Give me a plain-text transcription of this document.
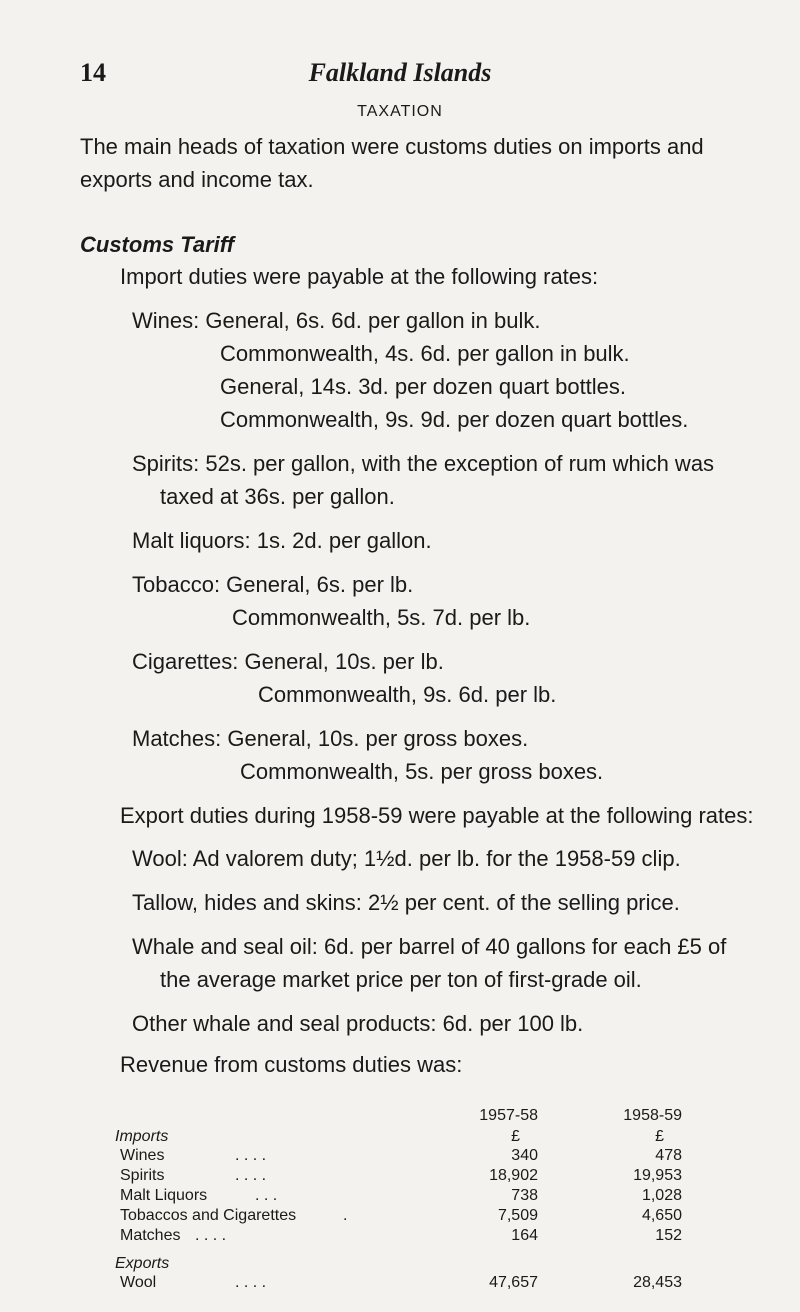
14	Falkland Islands
TAXATION
The main heads of taxation were customs duties on imports and exports and income tax.
Customs Tariff
Import duties were payable at the following rates:
Wines: General, 6s. 6d. per gallon in bulk.
Commonwealth, 4s. 6d. per gallon in bulk.
General, 14s. 3d. per dozen quart bottles.
Commonwealth, 9s. 9d. per dozen quart bottles.
Spirits: 52s. per gallon, with the exception of rum which was
taxed at 36s. per gallon.
Malt liquors: 1s. 2d. per gallon.
Tobacco: General, 6s. per lb.
Commonwealth, 5s. 7d. per lb.
Cigarettes: General, 10s. per lb.
Commonwealth, 9s. 6d. per lb.
Matches: General, 10s. per gross boxes.
Commonwealth, 5s. per gross boxes.
Export duties during 1958-59 were payable at the following rates:
Wool: Ad valorem duty; 1½d. per lb. for the 1958-59 clip.
Tallow, hides and skins: 2½ per cent. of the selling price.
Whale and seal oil: 6d. per barrel of 40 gallons for each £5 of
the average market price per ton of first-grade oil.
Other whale and seal products: 6d. per 100 lb.
Revenue from customs duties was:
1957-58	1958-59
Imports	£	£
Wines	. . . .	340	478
Spirits	. . . .	18,902	19,953
Malt Liquors	. . .	738	1,028
Tobaccos and Cigarettes	.	7,509	4,650
Matches . . . .	164	152
Exports
Wool	. . . .	47,657	28,453
